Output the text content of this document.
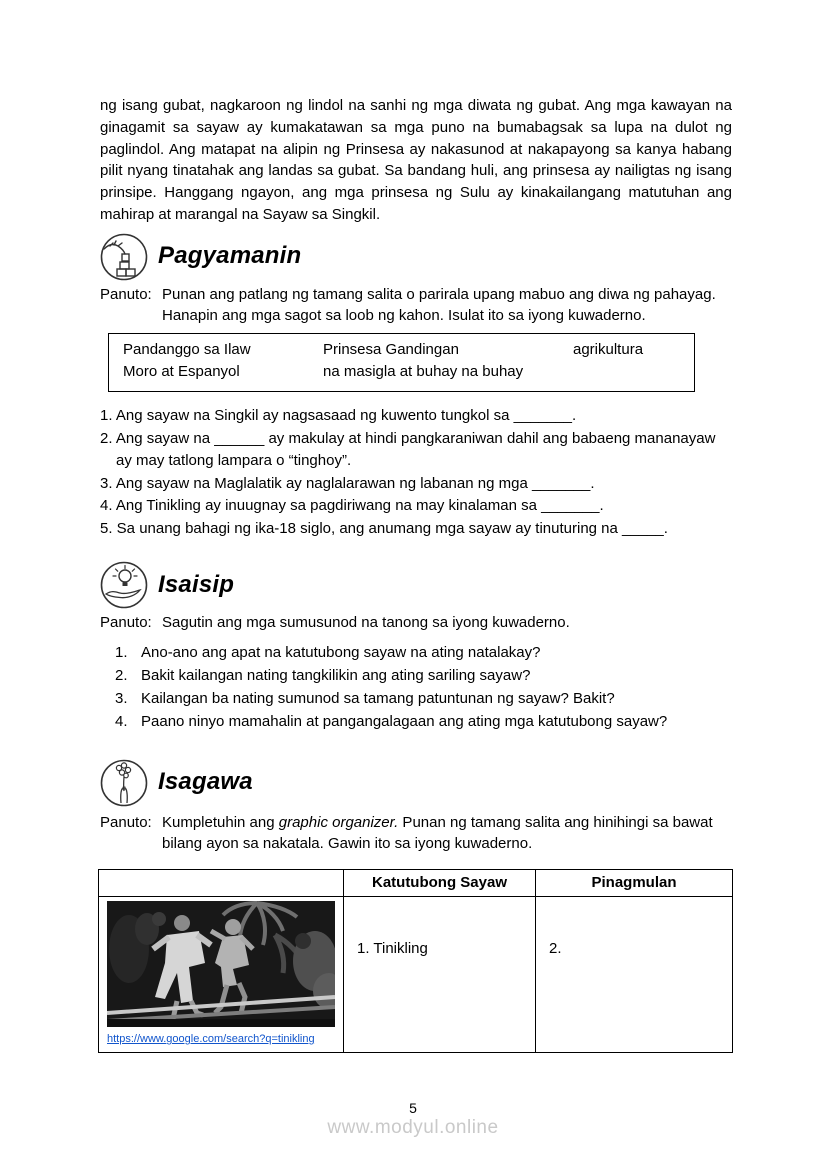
ng isang gubat, nagkaroon ng lindol na sanhi ng mga diwata ng gubat. Ang mga kawayan na ginagamit sa sayaw ay kumakatawan sa mga puno na bumabagsak sa lupa na dulot ng paglindol. Ang matapat na alipin ng Prinsesa ay nakasunod at nakapayong sa kanya habang pilit nyang tinatahak ang landas sa gubat. Sa bandang huli, ang prinsesa ay nailigtas ng isang prinsipe. Hanggang ngayon, ang mga prinsesa ng Sulu ay kinakailangang matutuhan ang mahirap at marangal na Sayaw sa Singkil.

Pagyamanin
Panuto: Punan ang patlang ng tamang salita o parirala upang mabuo ang diwa ng pahayag. Hanapin ang mga sagot sa loob ng kahon. Isulat ito sa iyong kuwaderno.
Pandanggo sa Ilaw	Prinsesa Gandingan	agrikultura
Moro at Espanyol	na masigla at buhay na buhay

1. Ang sayaw na Singkil ay nagsasaad ng kuwento tungkol sa _______.

2. Ang sayaw na ______ ay makulay at hindi pangkaraniwan dahil ang babaeng mananayaw ay may tatlong lampara o “tinghoy”.

3. Ang sayaw na Maglalatik ay naglalarawan ng labanan ng mga _______.

4. Ang Tinikling ay inuugnay sa pagdiriwang na may kinalaman sa _______.

5. Sa unang bahagi ng ika-18 siglo, ang anumang mga sayaw ay tinuturing na _____.

Isaisip
Panuto: Sagutin ang mga sumusunod na tanong sa iyong kuwaderno.
1. Ano-ano ang apat na katutubong sayaw na ating natalakay?
2. Bakit kailangan nating tangkilikin ang ating sariling sayaw?
3. Kailangan ba nating sumunod sa tamang patuntunan ng sayaw? Bakit?
4. Paano ninyo mamahalin at pangangalagaan ang ating mga katutubong sayaw?
Isagawa
Panuto: Kumpletuhin ang graphic organizer. Punan ng tamang salita ang hinihingi sa bawat bilang ayon sa nakatala. Gawin ito sa iyong kuwaderno.
	Katutubong Sayaw	Pinagmulan

https://www.google.com/search?q=tinikling	1. Tinikling	2.
5
www.modyul.online
